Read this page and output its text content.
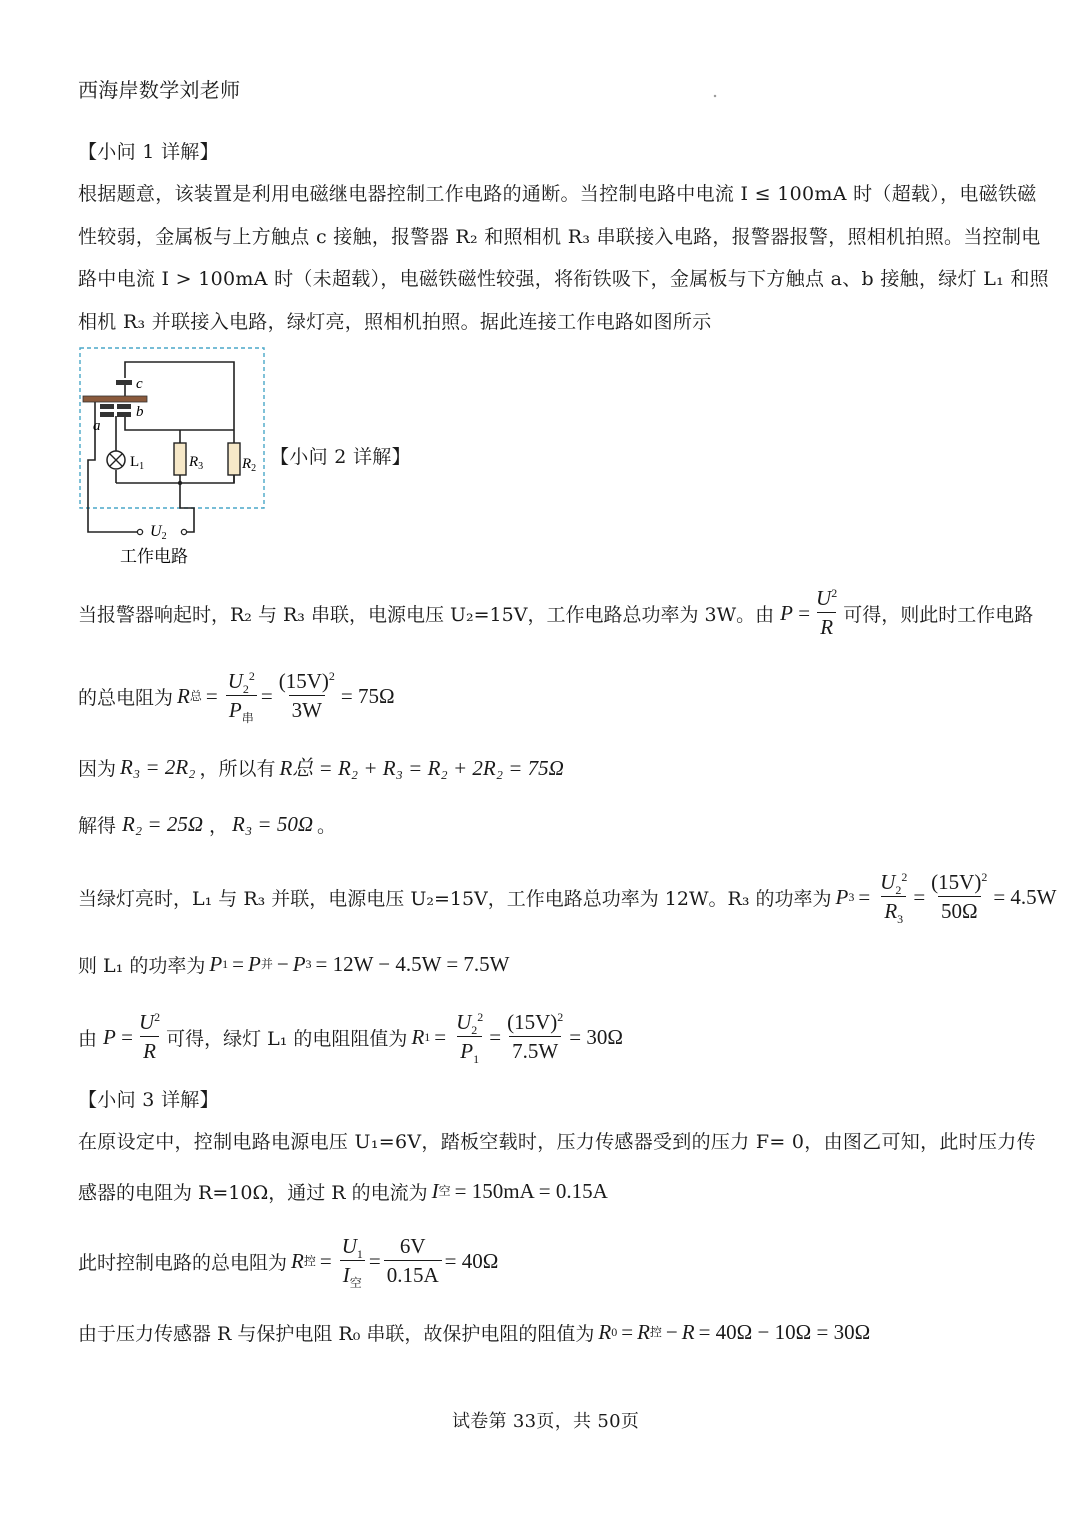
西海岸数学刘老师	.
【小问 1 详解】
根据题意，该装置是利用电磁继电器控制工作电路的通断。当控制电路中电流 I ≤ 100mA 时（超载），电磁铁磁
性较弱，金属板与上方触点 c 接触，报警器 R₂ 和照相机 R₃ 串联接入电路，报警器报警，照相机拍照。当控制电
路中电流 I > 100mA 时（未超载），电磁铁磁性较强，将衔铁吸下，金属板与下方触点 a、b 接触，绿灯 L₁ 和照
相机 R₃ 并联接入电路，绿灯亮，照相机拍照。据此连接工作电路如图所示
c
b
a
$L_1$	$R_3$	$R_2$
U2
工作电路
【小问 2 详解】
当报警器响起时，R₂ 与 R₃ 串联，电源电压 U₂=15V，工作电路总功率为 3W。由 P
= $\frac{U^2}{R}$ 可得，则此时工作电路
的总电阻为 R 总 = $\frac{U_2^2}{P_串} = \frac{(15V)^2}{3W} = 75\Omega$
因为 R₃ = 2R₂ ，所以有 R总 = R₂ + R₃ = R₂ + 2R₂ = 75Ω
解得 R₂ = 25Ω ， R₃ = 50Ω 。
当绿灯亮时，L₁ 与 R₃ 并联，电源电压 U₂=15V，工作电路总功率为 12W。R₃ 的功率为 P $3 = \frac{U_2^2}{R_3} = \frac{(15V)^2}{50\Omega} = 4.5W$
则 L₁ 的功率为 P 1 = P 并 − P 3 = 12W − 4.5W = 7.5W
由 P
= $\frac{U^2}{R}$ 可得，绿灯 L₁ 的电阻阻值为 R $1 = \frac{U_2^2}{P_1} = \frac{(15V)^2}{7.5W} = 30\Omega$
【小问 3 详解】
在原设定中，控制电路电源电压 U₁=6V，踏板空载时，压力传感器受到的压力 F= 0，由图乙可知，此时压力传
感器的电阻为 R=10Ω，通过 R 的电流为 I 空 = 150mA = 0.15A
此时控制电路的总电阻为 R 控 = $\frac{U_1}{I_空} = \frac{6V}{0.15A} = 40\Omega$
由于压力传感器 R 与保护电阻 R₀ 串联，故保护电阻的阻值为 R 0 = R 控 − R = 40Ω − 10Ω = 30Ω
试卷第 33页，共 50页
